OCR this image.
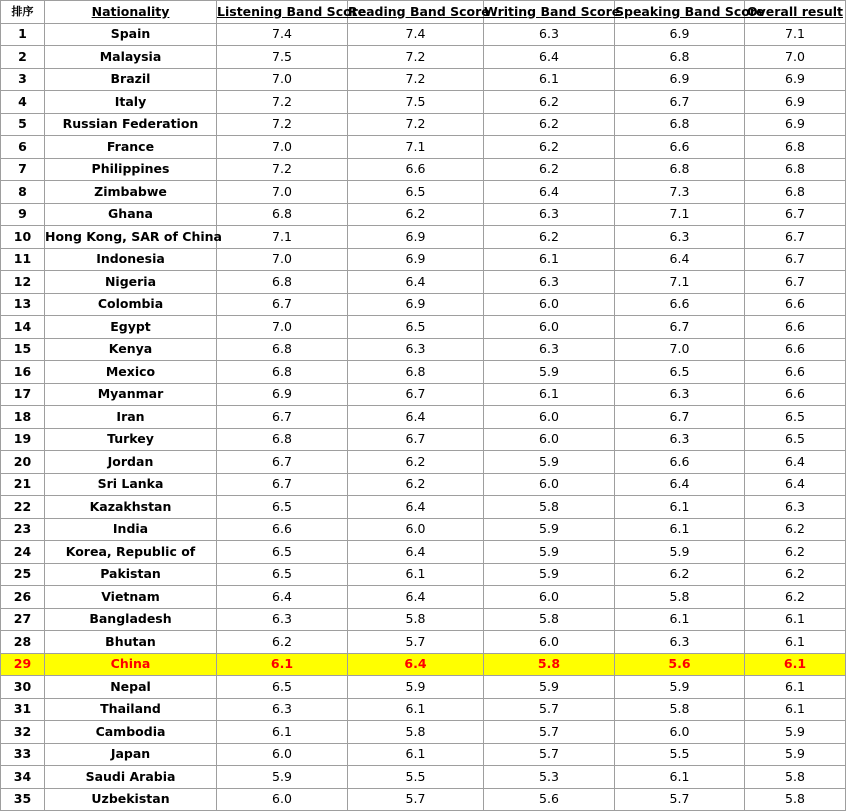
排序	Nationality	Listening Band Score	Reading Band Score	Writing Band Score	Speaking Band Score	Overall result
1	Spain	7.4	7.4	6.3	6.9	7.1
2	Malaysia	7.5	7.2	6.4	6.8	7.0
3	Brazil	7.0	7.2	6.1	6.9	6.9
4	Italy	7.2	7.5	6.2	6.7	6.9
5	Russian Federation	7.2	7.2	6.2	6.8	6.9
6	France	7.0	7.1	6.2	6.6	6.8
7	Philippines	7.2	6.6	6.2	6.8	6.8
8	Zimbabwe	7.0	6.5	6.4	7.3	6.8
9	Ghana	6.8	6.2	6.3	7.1	6.7
10	Hong Kong, SAR of China	7.1	6.9	6.2	6.3	6.7
11	Indonesia	7.0	6.9	6.1	6.4	6.7
12	Nigeria	6.8	6.4	6.3	7.1	6.7
13	Colombia	6.7	6.9	6.0	6.6	6.6
14	Egypt	7.0	6.5	6.0	6.7	6.6
15	Kenya	6.8	6.3	6.3	7.0	6.6
16	Mexico	6.8	6.8	5.9	6.5	6.6
17	Myanmar	6.9	6.7	6.1	6.3	6.6
18	Iran	6.7	6.4	6.0	6.7	6.5
19	Turkey	6.8	6.7	6.0	6.3	6.5
20	Jordan	6.7	6.2	5.9	6.6	6.4
21	Sri Lanka	6.7	6.2	6.0	6.4	6.4
22	Kazakhstan	6.5	6.4	5.8	6.1	6.3
23	India	6.6	6.0	5.9	6.1	6.2
24	Korea, Republic of	6.5	6.4	5.9	5.9	6.2
25	Pakistan	6.5	6.1	5.9	6.2	6.2
26	Vietnam	6.4	6.4	6.0	5.8	6.2
27	Bangladesh	6.3	5.8	5.8	6.1	6.1
28	Bhutan	6.2	5.7	6.0	6.3	6.1
29	China	6.1	6.4	5.8	5.6	6.1
30	Nepal	6.5	5.9	5.9	5.9	6.1
31	Thailand	6.3	6.1	5.7	5.8	6.1
32	Cambodia	6.1	5.8	5.7	6.0	5.9
33	Japan	6.0	6.1	5.7	5.5	5.9
34	Saudi Arabia	5.9	5.5	5.3	6.1	5.8
35	Uzbekistan	6.0	5.7	5.6	5.7	5.8
